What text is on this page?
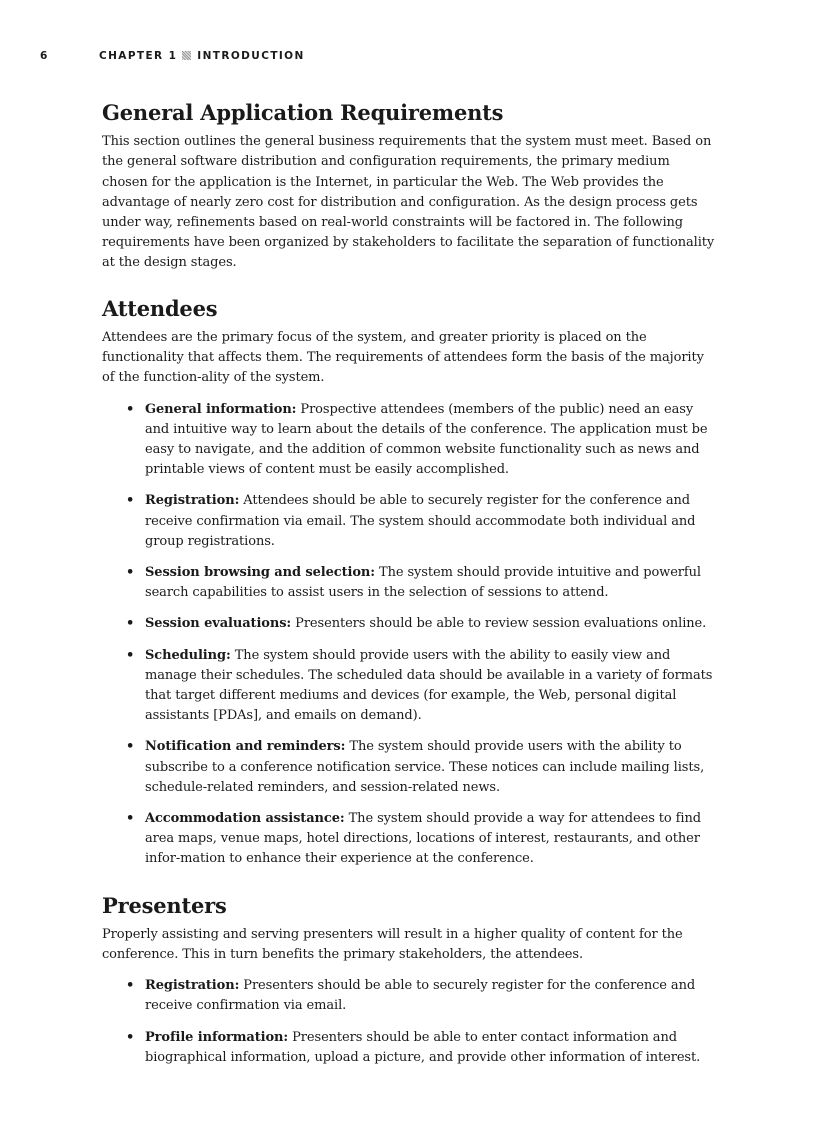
6	CHAPTER 1 INTRODUCTION
General Application Requirements

This section outlines the general business requirements that the system must meet. Based on the general software distribution and configuration requirements, the primary medium chosen for the application is the Internet, in particular the Web. The Web provides the advantage of nearly zero cost for distribution and configuration. As the design process gets under way, refinements based on real-world constraints will be factored in. The following requirements have been organized by stakeholders to facilitate the separation of functionality at the design stages.

Attendees

Attendees are the primary focus of the system, and greater priority is placed on the functionality that affects them. The requirements of attendees form the basis of the majority of the function-ality of the system.

• General information: Prospective attendees (members of the public) need an easy and intuitive way to learn about the details of the conference. The application must be easy to navigate, and the addition of common website functionality such as news and printable views of content must be easily accomplished.
• Registration: Attendees should be able to securely register for the conference and receive confirmation via email. The system should accommodate both individual and group registrations.
• Session browsing and selection: The system should provide intuitive and powerful search capabilities to assist users in the selection of sessions to attend.
• Session evaluations: Presenters should be able to review session evaluations online.
• Scheduling: The system should provide users with the ability to easily view and manage their schedules. The scheduled data should be available in a variety of formats that target different mediums and devices (for example, the Web, personal digital assistants [PDAs], and emails on demand).
• Notification and reminders: The system should provide users with the ability to subscribe to a conference notification service. These notices can include mailing lists, schedule-related reminders, and session-related news.
• Accommodation assistance: The system should provide a way for attendees to find area maps, venue maps, hotel directions, locations of interest, restaurants, and other infor-mation to enhance their experience at the conference.
Presenters

Properly assisting and serving presenters will result in a higher quality of content for the conference. This in turn benefits the primary stakeholders, the attendees.

• Registration: Presenters should be able to securely register for the conference and receive confirmation via email.
• Profile information: Presenters should be able to enter contact information and biographical information, upload a picture, and provide other information of interest.
